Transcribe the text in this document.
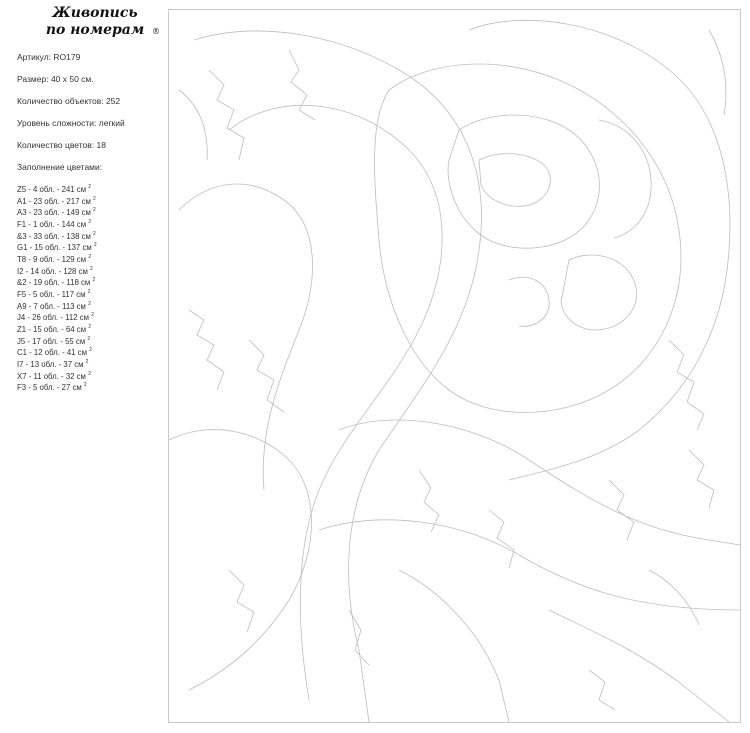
Живопись
по номерам ®
Артикул: RO179
Размер: 40 x 50 см.
Количество объектов: 252
Уровень сложности: легкий
Количество цветов: 18
Заполнение цветами:
Z5 - 4 обл. - 241 см $^2$
A1 - 23 обл. - 217 см $^2$
A3 - 23 обл. - 149 см $^2$
F1 - 1 обл. - 144 см $^2$
&3 - 33 обл. - 138 см $^2$
G1 - 15 обл. - 137 см $^2$
T8 - 9 обл. - 129 см $^2$
I2 - 14 обл. - 128 см $^2$
&2 - 19 обл. - 118 см $^2$
F5 - 5 обл. - 117 см $^2$
A9 - 7 обл. - 113 см $^2$
J4 - 26 обл. - 112 см $^2$
Z1 - 15 обл. - 64 см $^2$
J5 - 17 обл. - 55 см $^2$
C1 - 12 обл. - 41 см $^2$
I7 - 13 обл. - 37 см $^2$
X7 - 11 обл. - 32 см $^2$
F3 - 5 обл. - 27 см $^2$
